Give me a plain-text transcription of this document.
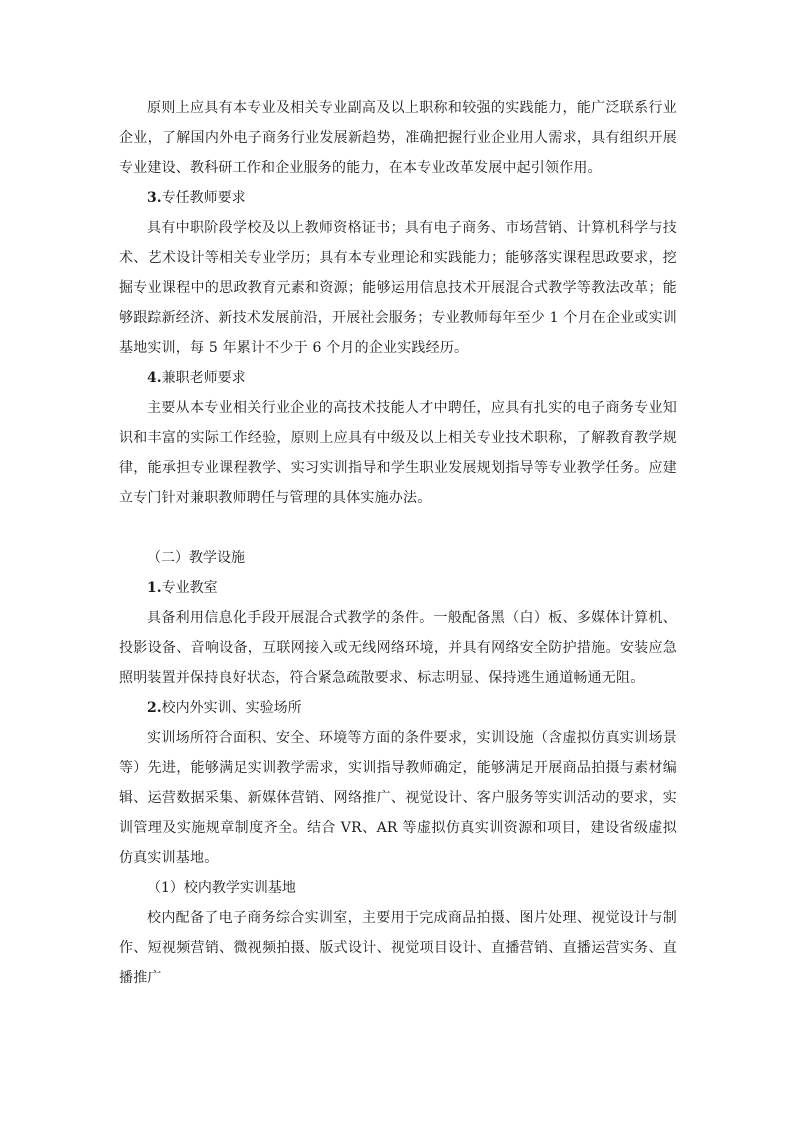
原则上应具有本专业及相关专业副高及以上职称和较强的实践能力，能广泛联系行业企业，了解国内外电子商务行业发展新趋势，准确把握行业企业用人需求，具有组织开展专业建设、教科研工作和企业服务的能力，在本专业改革发展中起引领作用。

3.专任教师要求

具有中职阶段学校及以上教师资格证书；具有电子商务、市场营销、计算机科学与技术、艺术设计等相关专业学历；具有本专业理论和实践能力；能够落实课程思政要求，挖掘专业课程中的思政教育元素和资源；能够运用信息技术开展混合式教学等教法改革；能够跟踪新经济、新技术发展前沿，开展社会服务；专业教师每年至少 1 个月在企业或实训基地实训，每 5 年累计不少于 6 个月的企业实践经历。

4.兼职老师要求

主要从本专业相关行业企业的高技术技能人才中聘任，应具有扎实的电子商务专业知识和丰富的实际工作经验，原则上应具有中级及以上相关专业技术职称，了解教育教学规律，能承担专业课程教学、实习实训指导和学生职业发展规划指导等专业教学任务。应建立专门针对兼职教师聘任与管理的具体实施办法。

（二）教学设施

1.专业教室

具备利用信息化手段开展混合式教学的条件。一般配备黑（白）板、多媒体计算机、投影设备、音响设备，互联网接入或无线网络环境，并具有网络安全防护措施。安装应急照明装置并保持良好状态，符合紧急疏散要求、标志明显、保持逃生通道畅通无阻。

2.校内外实训、实验场所

实训场所符合面积、安全、环境等方面的条件要求，实训设施（含虚拟仿真实训场景等）先进，能够满足实训教学需求，实训指导教师确定，能够满足开展商品拍摄与素材编辑、运营数据采集、新媒体营销、网络推广、视觉设计、客户服务等实训活动的要求，实训管理及实施规章制度齐全。结合 VR、AR 等虚拟仿真实训资源和项目，建设省级虚拟仿真实训基地。

（1）校内教学实训基地

校内配备了电子商务综合实训室，主要用于完成商品拍摄、图片处理、视觉设计与制作、短视频营销、微视频拍摄、版式设计、视觉项目设计、直播营销、直播运营实务、直播推广
